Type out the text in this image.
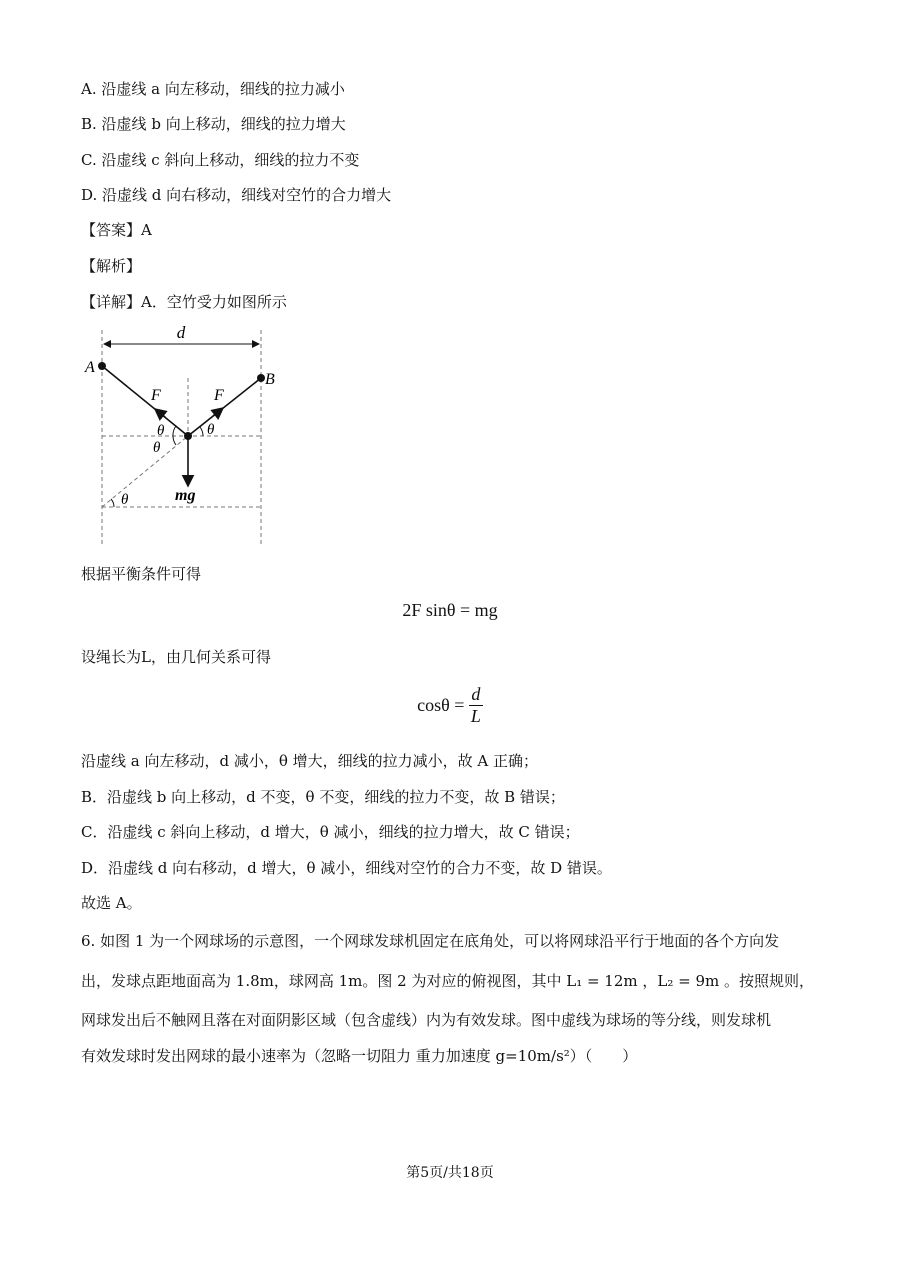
A. 沿虚线 a 向左移动，细线的拉力减小
B. 沿虚线 b 向上移动，细线的拉力增大
C. 沿虚线 c 斜向上移动，细线的拉力不变
D. 沿虚线 d 向右移动，细线对空竹的合力增大
【答案】A
【解析】
【详解】A．空竹受力如图所示
d
A
B
F	F
θ	θ
θ
θ	mg
根据平衡条件可得
2F sinθ = mg
设绳长为L，由几何关系可得
$\cos\theta = \frac{d}{L}$
沿虚线 a 向左移动，d 减小，θ 增大，细线的拉力减小，故 A 正确；
B．沿虚线 b 向上移动，d 不变，θ 不变，细线的拉力不变，故 B 错误；
C．沿虚线 c 斜向上移动，d 增大，θ 减小，细线的拉力增大，故 C 错误；
D．沿虚线 d 向右移动，d 增大，θ 减小，细线对空竹的合力不变，故 D 错误。
故选 A。
6. 如图 1 为一个网球场的示意图，一个网球发球机固定在底角处，可以将网球沿平行于地面的各个方向发
出，发球点距地面高为 1.8m，球网高 1m。图 2 为对应的俯视图，其中 L₁ = 12m ，L₂ = 9m 。按照规则，
网球发出后不触网且落在对面阴影区域（包含虚线）内为有效发球。图中虚线为球场的等分线，则发球机
有效发球时发出网球的最小速率为（忽略一切阻力 重力加速度 g=10m/s²）（　　）
第5页/共18页
